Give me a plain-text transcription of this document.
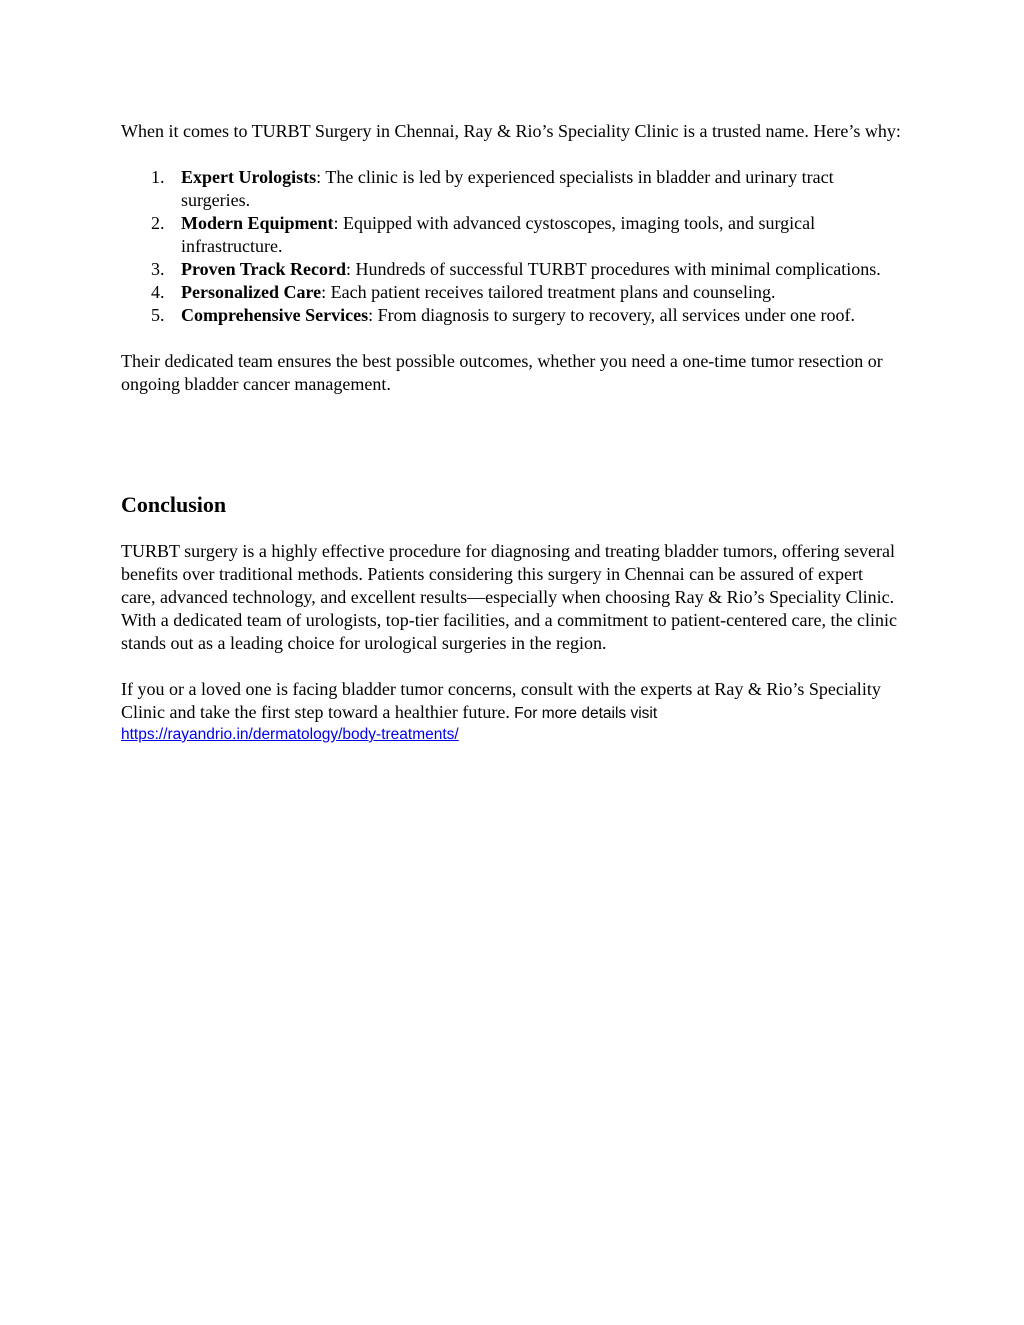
When it comes to TURBT Surgery in Chennai, Ray & Rio’s Speciality Clinic is a trusted name. Here’s why:

1. Expert Urologists: The clinic is led by experienced specialists in bladder and urinary tract surgeries.
2. Modern Equipment: Equipped with advanced cystoscopes, imaging tools, and surgical infrastructure.
3. Proven Track Record: Hundreds of successful TURBT procedures with minimal complications.
4. Personalized Care: Each patient receives tailored treatment plans and counseling.
5. Comprehensive Services: From diagnosis to surgery to recovery, all services under one roof.

Their dedicated team ensures the best possible outcomes, whether you need a one-time tumor resection or ongoing bladder cancer management.

Conclusion

TURBT surgery is a highly effective procedure for diagnosing and treating bladder tumors, offering several benefits over traditional methods. Patients considering this surgery in Chennai can be assured of expert care, advanced technology, and excellent results—especially when choosing Ray & Rio’s Speciality Clinic. With a dedicated team of urologists, top-tier facilities, and a commitment to patient-centered care, the clinic stands out as a leading choice for urological surgeries in the region.

If you or a loved one is facing bladder tumor concerns, consult with the experts at Ray & Rio’s Speciality Clinic and take the first step toward a healthier future. For more details visit
https://rayandrio.in/dermatology/body-treatments/
